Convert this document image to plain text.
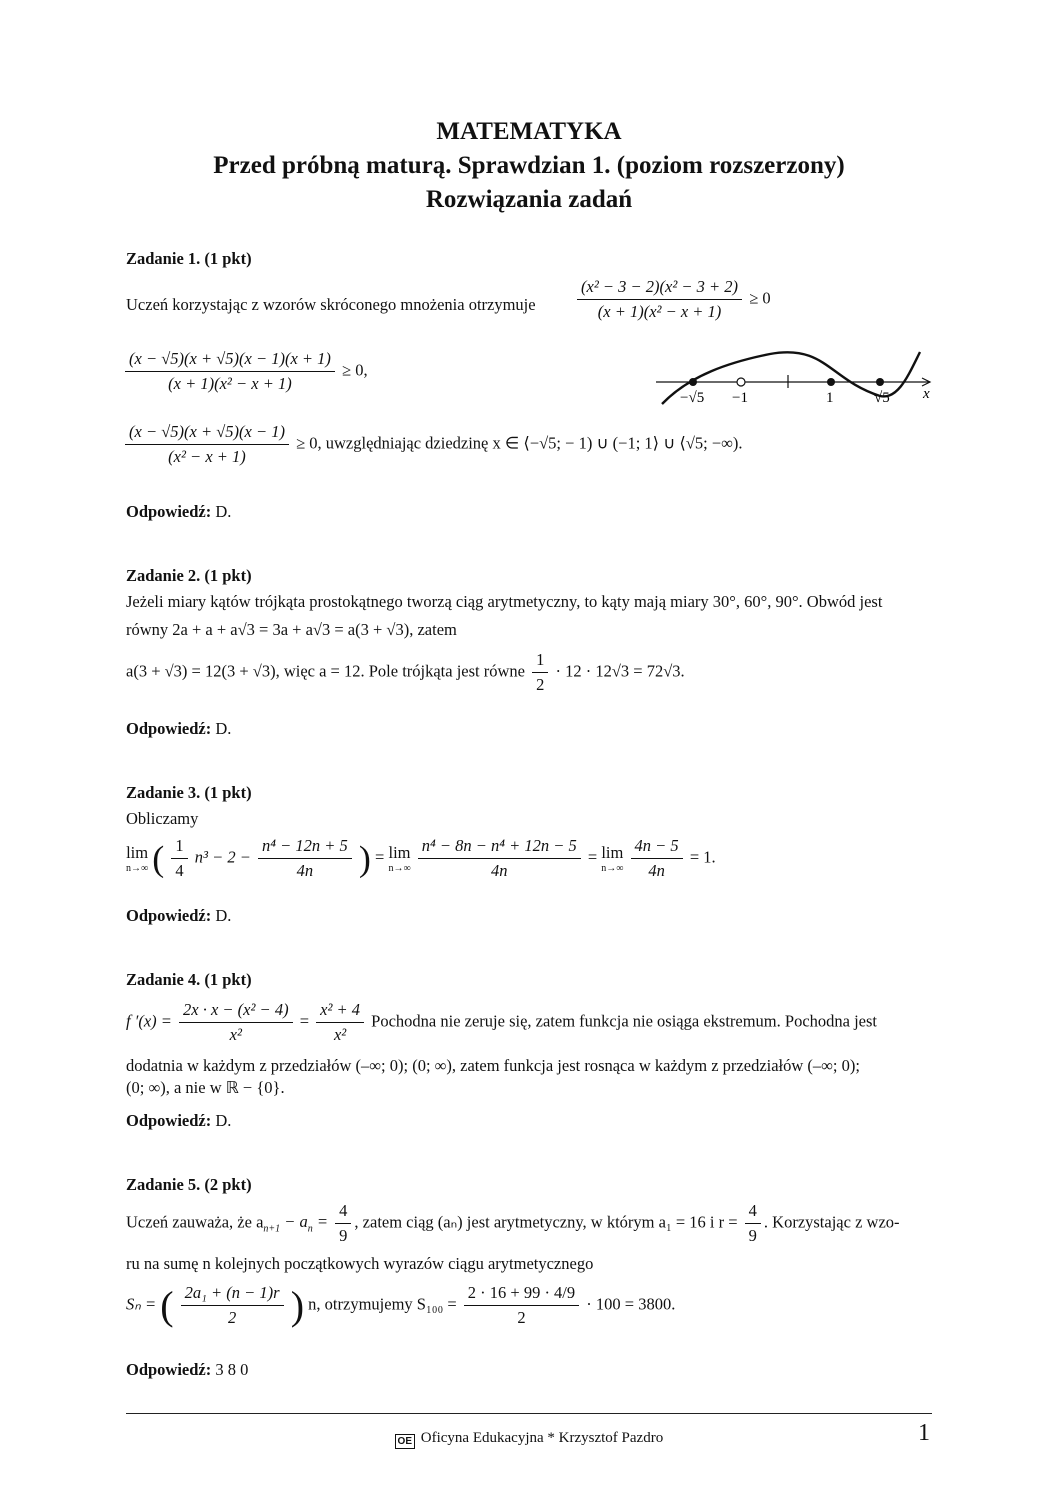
MATEMATYKA
Przed próbną maturą. Sprawdzian 1. (poziom rozszerzony)
Rozwiązania zadań
Zadanie 1. (1 pkt)
Uczeń korzystając z wzorów skróconego mnożenia otrzymuje	$\frac{\text{(x² − 3 − 2)(x² − 3 + 2)}}{\text{(x + 1)(x² − x + 1)}} \ge 0$
$\frac{(x - √5)(x + √5)(x - 1)(x + 1)}{\text{(x + 1)(x² − x + 1)}} \ge 0$,
$\frac{(x - √5)(x + √5)(x - 1)}{\text{(x² − x + 1)}} \ge 0$, uwzględniając dziedzinę x ∈ ⟨−√5; − 1) ∪ (−1; 1⟩ ∪ ⟨√5; −∞).
−√5 −1	1	√5 x
Odpowiedź: D.
Zadanie 2. (1 pkt)
Jeżeli miary kątów trójkąta prostokątnego tworzą ciąg arytmetyczny, to kąty mają miary 30°, 60°, 90°. Obwód jest
równy 2a + a + a√3 = 3a + a√3 = a(3 + √3), zatem
a(3 + √3) = 12(3 + √3), więc a = 12. Pole trójkąta jest równe $\frac{1}{2} \cdot 12 \cdot 12√3 = 72√3$.
Odpowiedź: D.
Zadanie 3. (1 pkt)
Obliczamy
lim
n→∞ ( $\frac{1}{4} n^3 - 2 - \frac{\text{n⁴ − 12n + 5}}{4n}$ ) = lim
n→∞
$\frac{\text{n⁴ − 8n − n⁴ + 12n − 5}}{4n} = \lim$
n→∞
$\frac{4n - 5}{4n} = 1$.
Odpowiedź: D.
Zadanie 4. (1 pkt)
f $'(x) = \frac{\text{2x · x − (x² − 4)}}{\text{x²}} = \frac{\text{x² + 4}}{\text{x²}}$ Pochodna nie zeruje się, zatem funkcja nie osiąga ekstremum. Pochodna jest
dodatnia w każdym z przedziałów (–∞; 0); (0; ∞), zatem funkcja jest rosnąca w każdym z przedziałów (–∞; 0);
(0; ∞), a nie w ℝ − {0}.
Odpowiedź: D.
Zadanie 5. (2 pkt)
Uczeń zauważa, że $a_{n+1} - a_n = \frac{4}{9}$ , zatem ciąg (aₙ) jest arytmetyczny, w którym a₁ = 16 i $r = \frac{4}{9}$ . Korzystając z wzo-
ru na sumę n kolejnych początkowych wyrazów ciągu arytmetycznego
Sₙ = ( $\frac{\text{2a₁ + (n − 1)r}}{2}$ ) n, otrzymujemy $S_{100} = \frac{2 \cdot 16 + 99 \cdot 4/9}{2} \cdot 100 = 3800$.
Odpowiedź: 3 8 0
OE Oficyna Edukacyjna * Krzysztof Pazdro	1
